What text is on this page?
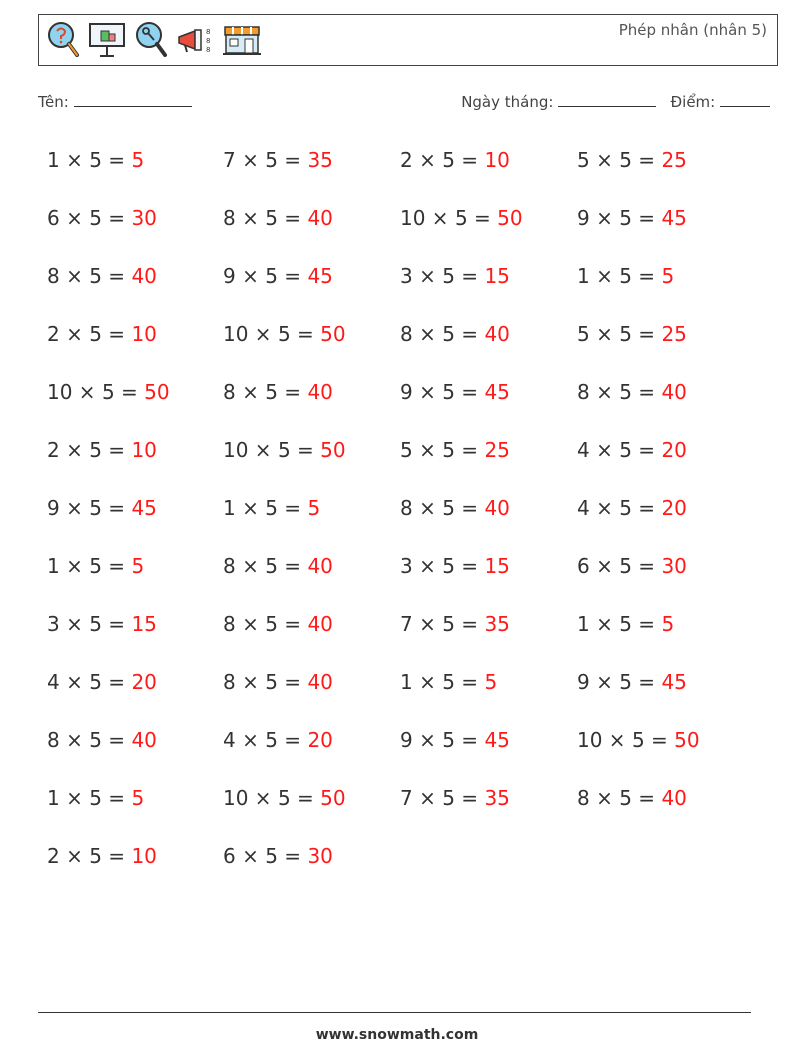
8
8
8
Phép nhân (nhân 5)
Tên:	Ngày tháng:	Điểm:
1 × 5 = 5	7 × 5 = 35	2 × 5 = 10	5 × 5 = 25
6 × 5 = 30	8 × 5 = 40	10 × 5 = 50	9 × 5 = 45
8 × 5 = 40	9 × 5 = 45	3 × 5 = 15	1 × 5 = 5
2 × 5 = 10	10 × 5 = 50	8 × 5 = 40	5 × 5 = 25
10 × 5 = 50	8 × 5 = 40	9 × 5 = 45	8 × 5 = 40
2 × 5 = 10	10 × 5 = 50	5 × 5 = 25	4 × 5 = 20
9 × 5 = 45	1 × 5 = 5	8 × 5 = 40	4 × 5 = 20
1 × 5 = 5	8 × 5 = 40	3 × 5 = 15	6 × 5 = 30
3 × 5 = 15	8 × 5 = 40	7 × 5 = 35	1 × 5 = 5
4 × 5 = 20	8 × 5 = 40	1 × 5 = 5	9 × 5 = 45
8 × 5 = 40	4 × 5 = 20	9 × 5 = 45	10 × 5 = 50
1 × 5 = 5	10 × 5 = 50	7 × 5 = 35	8 × 5 = 40
2 × 5 = 10	6 × 5 = 30
www.snowmath.com
